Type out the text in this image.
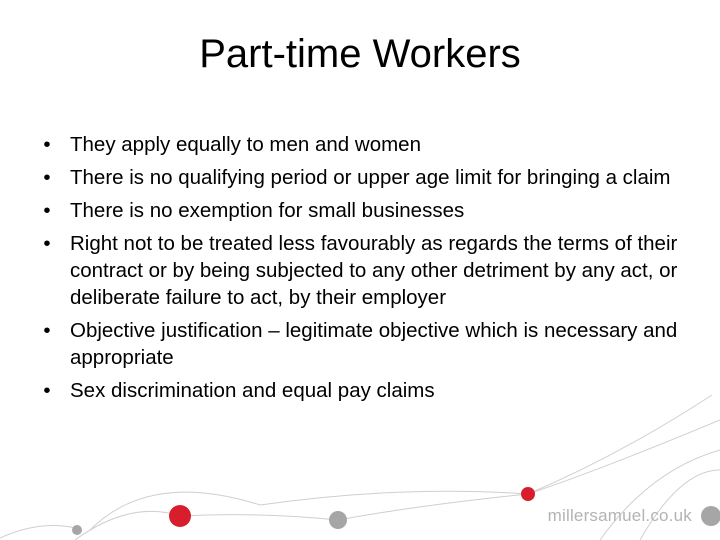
Part-time Workers
• They apply equally to men and women
• There is no qualifying period or upper age limit for bringing a claim
• There is no exemption for small businesses
• Right not to be treated less favourably as regards the terms of their contract or by being subjected to any other detriment by any act, or deliberate failure to act, by their employer
• Objective justification – legitimate objective which is necessary and appropriate
• Sex discrimination and equal pay claims
millersamuel.co.uk
